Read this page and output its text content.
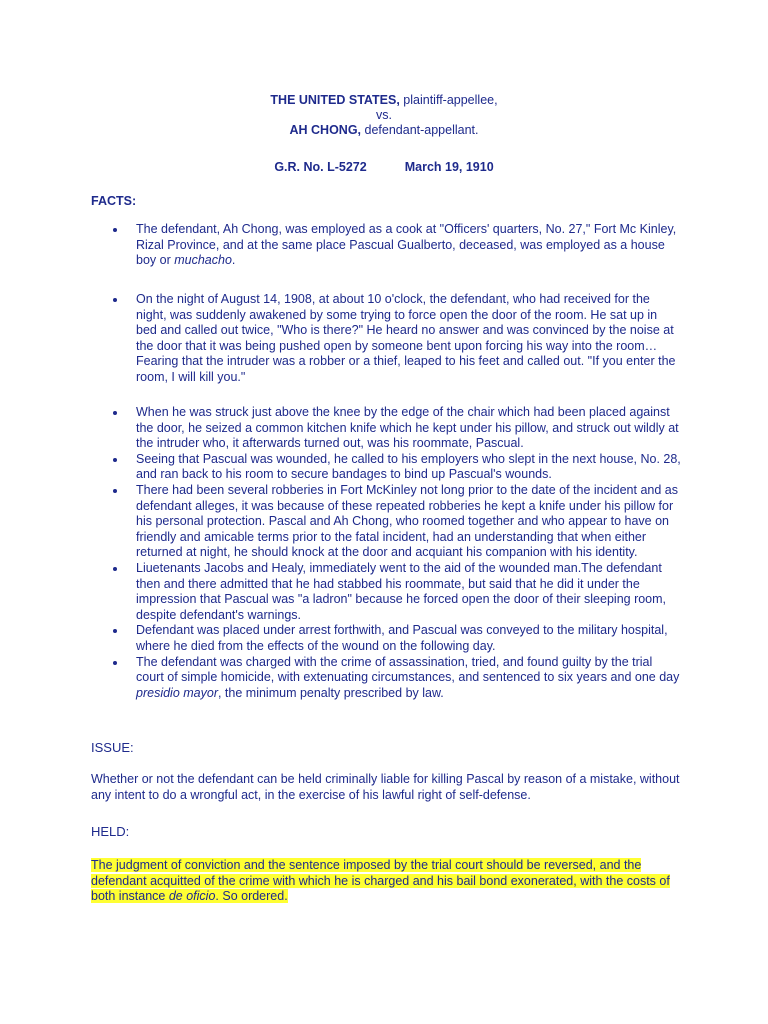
THE UNITED STATES, plaintiff-appellee,
vs.
AH CHONG, defendant-appellant.
G.R. No. L-5272	March 19, 1910
FACTS:
The defendant, Ah Chong, was employed as a cook at "Officers' quarters, No. 27," Fort Mc Kinley, Rizal Province, and at the same place Pascual Gualberto, deceased, was employed as a house boy or muchacho.
On the night of August 14, 1908, at about 10 o'clock, the defendant, who had received for the night, was suddenly awakened by some trying to force open the door of the room. He sat up in bed and called out twice, "Who is there?" He heard no answer and was convinced by the noise at the door that it was being pushed open by someone bent upon forcing his way into the room… Fearing that the intruder was a robber or a thief, leaped to his feet and called out. "If you enter the room, I will kill you."
When he was struck just above the knee by the edge of the chair which had been placed against the door, he seized a common kitchen knife which he kept under his pillow, and struck out wildly at the intruder who, it afterwards turned out, was his roommate, Pascual.
Seeing that Pascual was wounded, he called to his employers who slept in the next house, No. 28, and ran back to his room to secure bandages to bind up Pascual's wounds.
There had been several robberies in Fort McKinley not long prior to the date of the incident and as defendant alleges, it was because of these repeated robberies he kept a knife under his pillow for his personal protection. Pascal and Ah Chong, who roomed together and who appear to have on friendly and amicable terms prior to the fatal incident, had an understanding that when either returned at night, he should knock at the door and acquiant his companion with his identity.
Liuetenants Jacobs and Healy, immediately went to the aid of the wounded man.The defendant then and there admitted that he had stabbed his roommate, but said that he did it under the impression that Pascual was "a ladron" because he forced open the door of their sleeping room, despite defendant's warnings.
Defendant was placed under arrest forthwith, and Pascual was conveyed to the military hospital, where he died from the effects of the wound on the following day.
The defendant was charged with the crime of assassination, tried, and found guilty by the trial court of simple homicide, with extenuating circumstances, and sentenced to six years and one day presidio mayor, the minimum penalty prescribed by law.
ISSUE:
Whether or not the defendant can be held criminally liable for killing Pascal by reason of a mistake, without any intent to do a wrongful act, in the exercise of his lawful right of self-defense.
HELD:
The judgment of conviction and the sentence imposed by the trial court should be reversed, and the defendant acquitted of the crime with which he is charged and his bail bond exonerated, with the costs of both instance de oficio. So ordered.
